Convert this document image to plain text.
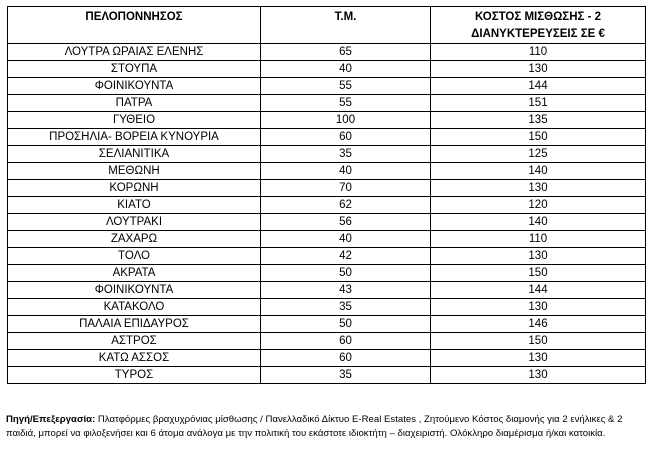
ΠΕΛΟΠΟΝΝΗΣΟΣ	Τ.Μ.	ΚΟΣΤΟΣ ΜΙΣΘΩΣΗΣ - 2 ΔΙΑΝΥΚΤΕΡΕΥΣΕΙΣ ΣΕ €
ΛΟΥΤΡΑ ΩΡΑΙΑΣ ΕΛΕΝΗΣ	65	110
ΣΤΟΥΠΑ	40	130
ΦΟΙΝΙΚΟΥΝΤΑ	55	144
ΠΑΤΡΑ	55	151
ΓΥΘΕΙΟ	100	135
ΠΡΟΣΗΛΙΑ- ΒΟΡΕΙΑ ΚΥΝΟΥΡΙΑ	60	150
ΣΕΛΙΑΝΙΤΙΚΑ	35	125
ΜΕΘΩΝΗ	40	140
ΚΟΡΩΝΗ	70	130
ΚΙΑΤΟ	62	120
ΛΟΥΤΡΑΚΙ	56	140
ΖΑΧΑΡΩ	40	110
ΤΟΛΟ	42	130
ΑΚΡΑΤΑ	50	150
ΦΟΙΝΙΚΟΥΝΤΑ	43	144
ΚΑΤΑΚΟΛΟ	35	130
ΠΑΛΑΙΑ ΕΠΙΔΑΥΡΟΣ	50	146
ΑΣΤΡΟΣ	60	150
ΚΑΤΩ ΑΣΣΟΣ	60	130
ΤΥΡΟΣ	35	130
Πηγή/Επεξεργασία: Πλατφόρμες βραχυχρόνιας μίσθωσης / Πανελλαδικό Δίκτυο E-Real Estates , Ζητούμενο Κόστος διαμονής για 2 ενήλικες & 2 παιδιά, μπορεί να φιλοξενήσει και 6 άτομα ανάλογα με την πολιτική του εκάστοτε ιδιοκτήτη – διαχειριστή. Ολόκληρο διαμέρισμα ή/και κατοικία.
